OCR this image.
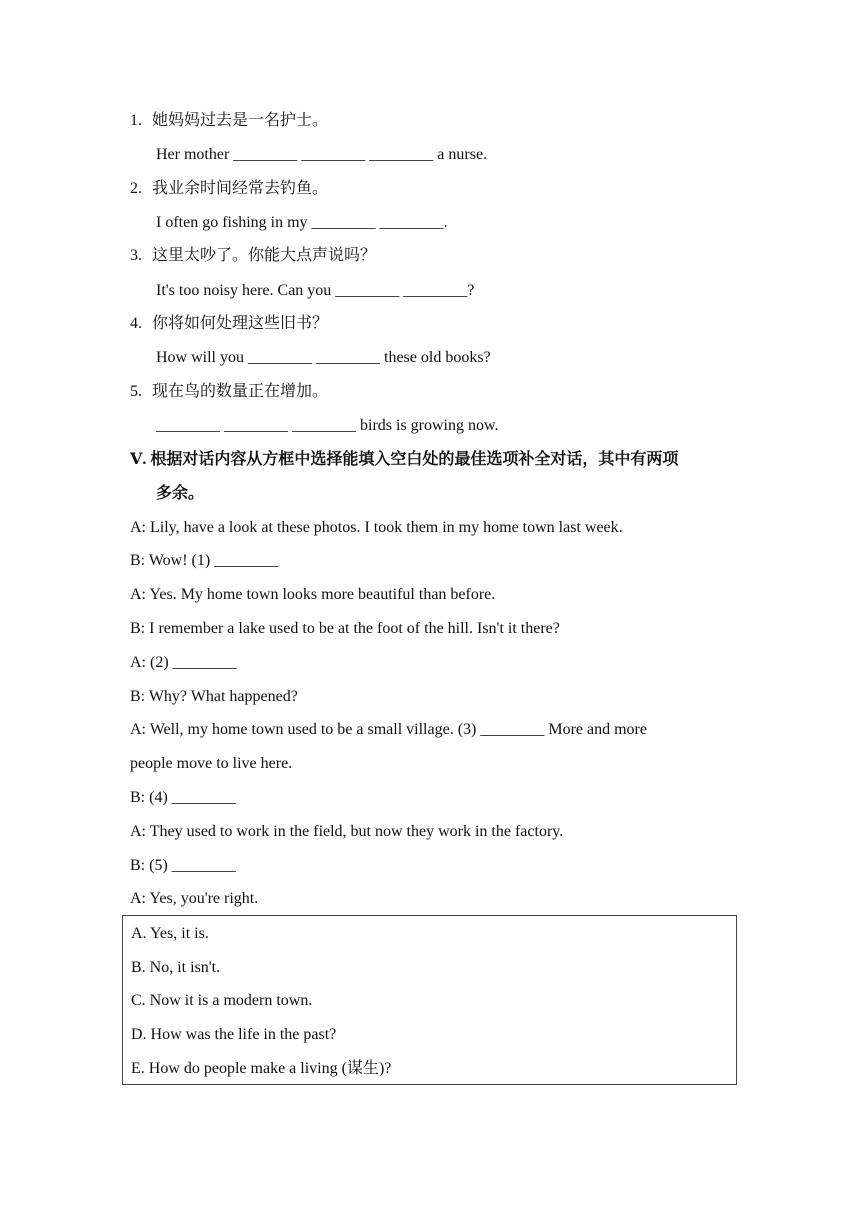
1. 她妈妈过去是一名护士。
Her mother ________ ________ ________ a nurse.
2. 我业余时间经常去钓鱼。
I often go fishing in my ________ ________.
3. 这里太吵了。你能大点声说吗？
It's too noisy here. Can you ________ ________?
4. 你将如何处理这些旧书？
How will you ________ ________ these old books?
5. 现在鸟的数量正在增加。
________ ________ ________ birds is growing now.
Ⅴ. 根据对话内容从方框中选择能填入空白处的最佳选项补全对话，其中有两项
多余。
A: Lily, have a look at these photos. I took them in my home town last week.
B: Wow! (1) ________
A: Yes. My home town looks more beautiful than before.
B: I remember a lake used to be at the foot of the hill. Isn't it there?
A: (2) ________
B: Why? What happened?
A: Well, my home town used to be a small village. (3) ________ More and more
people move to live here.
B: (4) ________
A: They used to work in the field, but now they work in the factory.
B: (5) ________
A: Yes, you're right.
A. Yes, it is.
B. No, it isn't.
C. Now it is a modern town.
D. How was the life in the past?
E. How do people make a living (谋生)?
